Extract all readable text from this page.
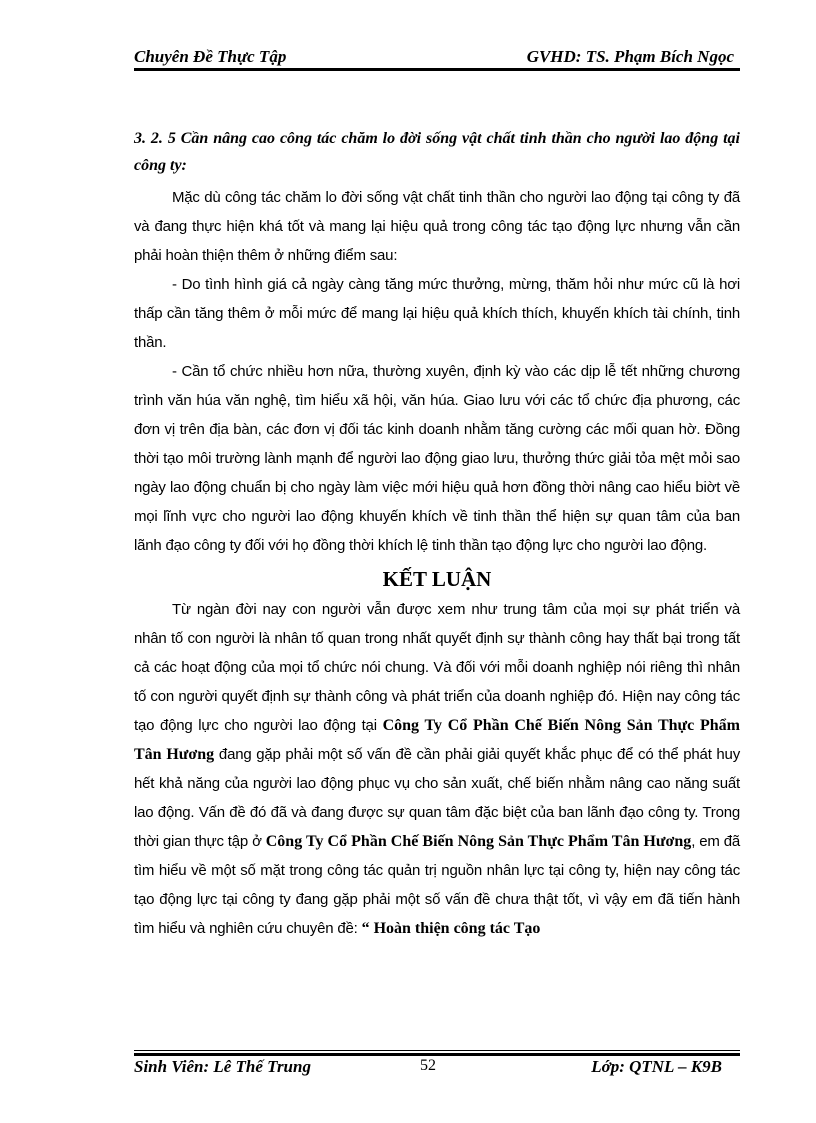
Chuyên Đề Thực Tập	GVHD: TS. Phạm Bích Ngọc
3. 2. 5 Cần nâng cao công tác chăm lo đời sống vật chất tinh thần cho người lao động tại công ty:

Mặc dù công tác chăm lo đời sống vật chất tinh thần cho người lao động tại công ty đã và đang thực hiện khá tốt và mang lại hiệu quả trong công tác tạo động lực nhưng vẫn cần phải hoàn thiện thêm ở những điểm sau:

- Do tình hình giá cả ngày càng tăng mức thưởng, mừng, thăm hỏi như mức cũ là hơi thấp cần tăng thêm ở mỗi mức để mang lại hiệu quả khích thích, khuyến khích tài chính, tinh thần.

- Cần tổ chức nhiều hơn nữa, thường xuyên, định kỳ vào các dịp lễ tết những chương trình văn húa văn nghệ, tìm hiểu xã hội, văn húa. Giao lưu với các tổ chức địa phương, các đơn vị trên địa bàn, các đơn vị đối tác kinh doanh nhằm tăng cường các mối quan hờ. Đồng thời tạo môi trường lành mạnh để người lao động giao lưu, thưởng thức giải tỏa mệt mỏi sao ngày lao động chuẩn bị cho ngày làm việc mới hiệu quả hơn đồng thời nâng cao hiểu biờt về mọi lĩnh vực cho người lao động khuyến khích về tinh thần thể hiện sự quan tâm của ban lãnh đạo công ty đối với họ đồng thời khích lệ tinh thần tạo động lực cho người lao động.

KẾT LUẬN

Từ ngàn đời nay con người vẫn được xem như trung tâm của mọi sự phát triển và nhân tố con người là nhân tố quan trong nhất quyết định sự thành công hay thất bại trong tất cả các hoạt động của mọi tổ chức nói chung. Và đối với mỗi doanh nghiệp nói riêng thì nhân tố con người quyết định sự thành công và phát triển của doanh nghiệp đó. Hiện nay công tác tạo động lực cho người lao động tại Công Ty Cổ Phần Chế Biến Nông Sản Thực Phẩm Tân Hương đang gặp phải một số vấn đề cần phải giải quyết khắc phục để có thể phát huy hết khả năng của người lao động phục vụ cho sản xuất, chế biến nhằm nâng cao năng suất lao động. Vấn đề đó đã và đang được sự quan tâm đặc biệt của ban lãnh đạo công ty. Trong thời gian thực tập ở Công Ty Cổ Phần Chế Biến Nông Sản Thực Phẩm Tân Hương, em đã tìm hiểu về một số mặt trong công tác quản trị nguồn nhân lực tại công ty, hiện nay công tác tạo động lực tại công ty đang gặp phải một số vấn đề chưa thật tốt, vì vậy em đã tiến hành tìm hiểu và nghiên cứu chuyên đề: “ Hoàn thiện công tác Tạo

Sinh Viên: Lê Thế Trung	52	Lớp: QTNL – K9B
